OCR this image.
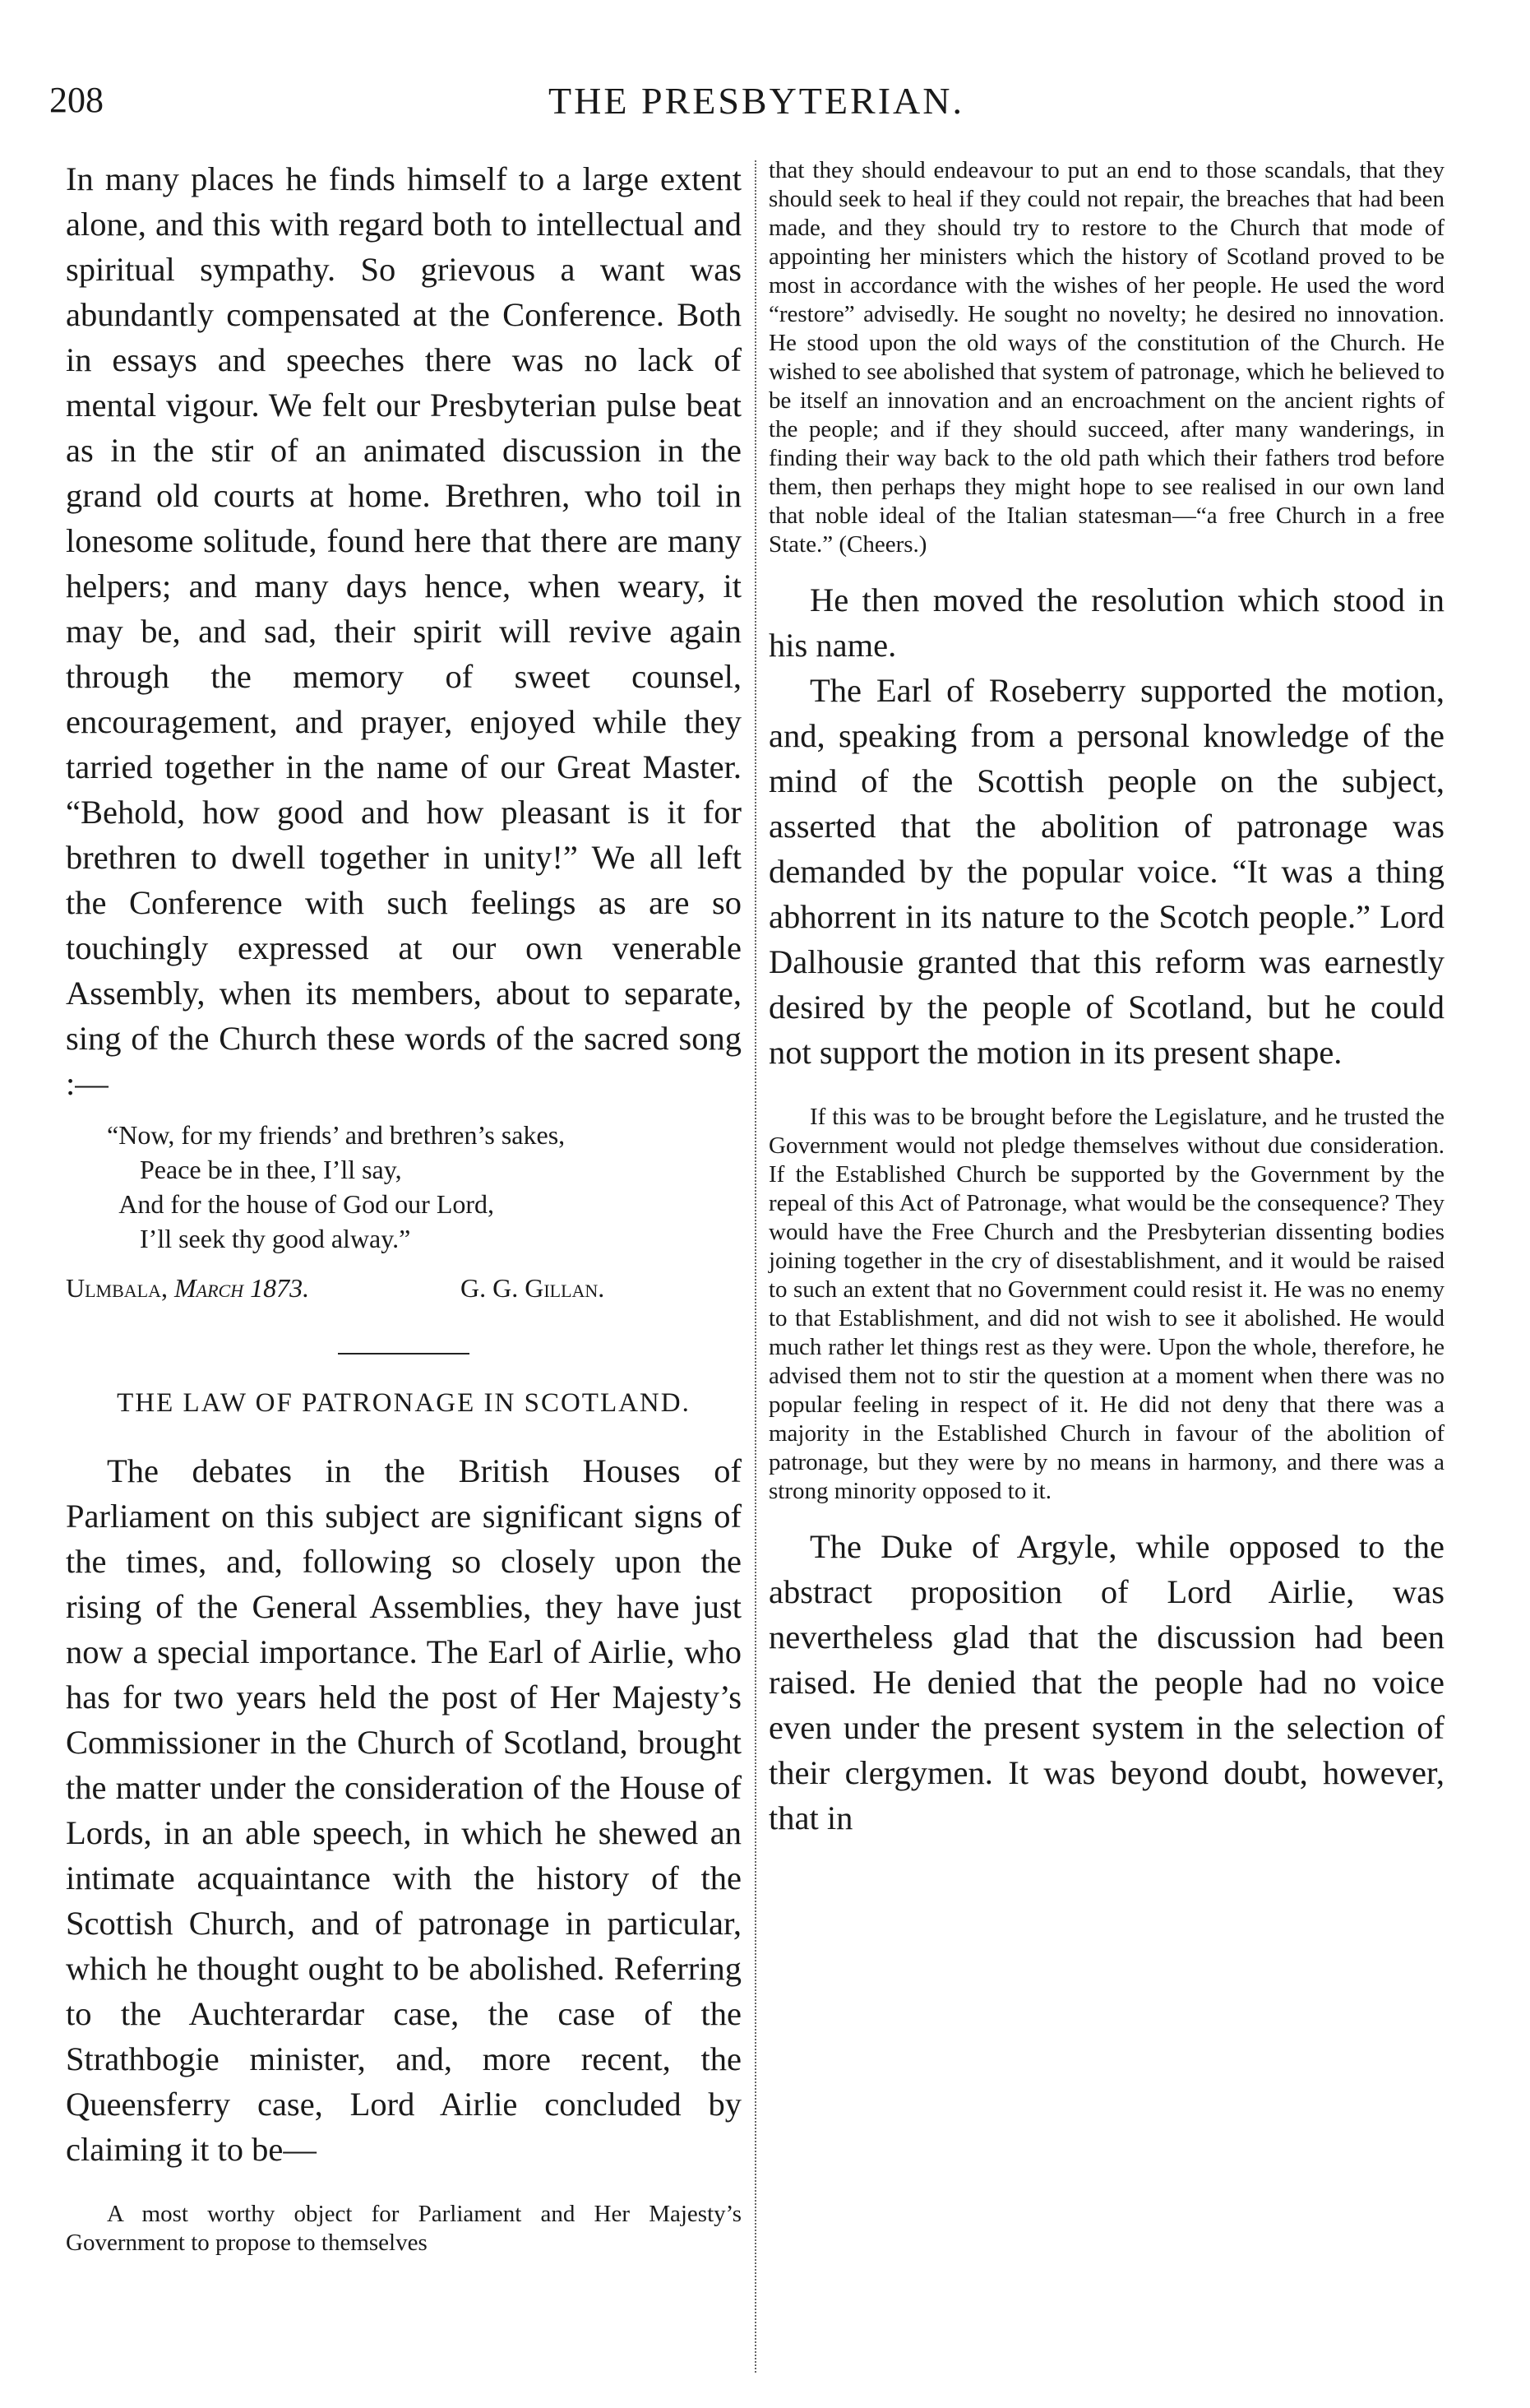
208	THE PRESBYTERIAN.

In many places he finds himself to a large extent alone, and this with regard both to intellectual and spiritual sympathy. So grievous a want was abundantly compensated at the Conference. Both in essays and speeches there was no lack of mental vigour. We felt our Presbyterian pulse beat as in the stir of an animated discussion in the grand old courts at home. Brethren, who toil in lonesome solitude, found here that there are many helpers; and many days hence, when weary, it may be, and sad, their spirit will revive again through the memory of sweet counsel, encouragement, and prayer, enjoyed while they tarried together in the name of our Great Master. “Behold, how good and how pleasant is it for brethren to dwell together in unity!” We all left the Conference with such feelings as are so touchingly expressed at our own venerable Assembly, when its members, about to separate, sing of the Church these words of the sacred song :—

“Now, for my friends’ and brethren’s sakes,
Peace be in thee, I’ll say,
And for the house of God our Lord,
I’ll seek thy good alway.”
Ulmbala, March 1873.	G. G. Gillan.
THE LAW OF PATRONAGE IN SCOTLAND.

The debates in the British Houses of Parliament on this subject are significant signs of the times, and, following so closely upon the rising of the General Assemblies, they have just now a special importance. The Earl of Airlie, who has for two years held the post of Her Majesty’s Commissioner in the Church of Scotland, brought the matter under the consideration of the House of Lords, in an able speech, in which he shewed an intimate acquaintance with the history of the Scottish Church, and of patronage in particular, which he thought ought to be abolished. Referring to the Auchterardar case, the case of the Strathbogie minister, and, more recent, the Queensferry case, Lord Airlie concluded by claiming it to be—

A most worthy object for Parliament and Her Majesty’s Government to propose to themselves

that they should endeavour to put an end to those scandals, that they should seek to heal if they could not repair, the breaches that had been made, and they should try to restore to the Church that mode of appointing her ministers which the history of Scotland proved to be most in accordance with the wishes of her people. He used the word “restore” advisedly. He sought no novelty; he desired no innovation. He stood upon the old ways of the constitution of the Church. He wished to see abolished that system of patronage, which he believed to be itself an innovation and an encroachment on the ancient rights of the people; and if they should succeed, after many wanderings, in finding their way back to the old path which their fathers trod before them, then perhaps they might hope to see realised in our own land that noble ideal of the Italian statesman—“a free Church in a free State.” (Cheers.)

He then moved the resolution which stood in his name.

The Earl of Roseberry supported the motion, and, speaking from a personal knowledge of the mind of the Scottish people on the subject, asserted that the abolition of patronage was demanded by the popular voice. “It was a thing abhorrent in its nature to the Scotch people.” Lord Dalhousie granted that this reform was earnestly desired by the people of Scotland, but he could not support the motion in its present shape.

If this was to be brought before the Legislature, and he trusted the Government would not pledge themselves without due consideration. If the Established Church be supported by the Government by the repeal of this Act of Patronage, what would be the consequence? They would have the Free Church and the Presbyterian dissenting bodies joining together in the cry of disestablishment, and it would be raised to such an extent that no Government could resist it. He was no enemy to that Establishment, and did not wish to see it abolished. He would much rather let things rest as they were. Upon the whole, therefore, he advised them not to stir the question at a moment when there was no popular feeling in respect of it. He did not deny that there was a majority in the Established Church in favour of the abolition of patronage, but they were by no means in harmony, and there was a strong minority opposed to it.

The Duke of Argyle, while opposed to the abstract proposition of Lord Airlie, was nevertheless glad that the discussion had been raised. He denied that the people had no voice even under the present system in the selection of their clergymen. It was beyond doubt, however, that in
